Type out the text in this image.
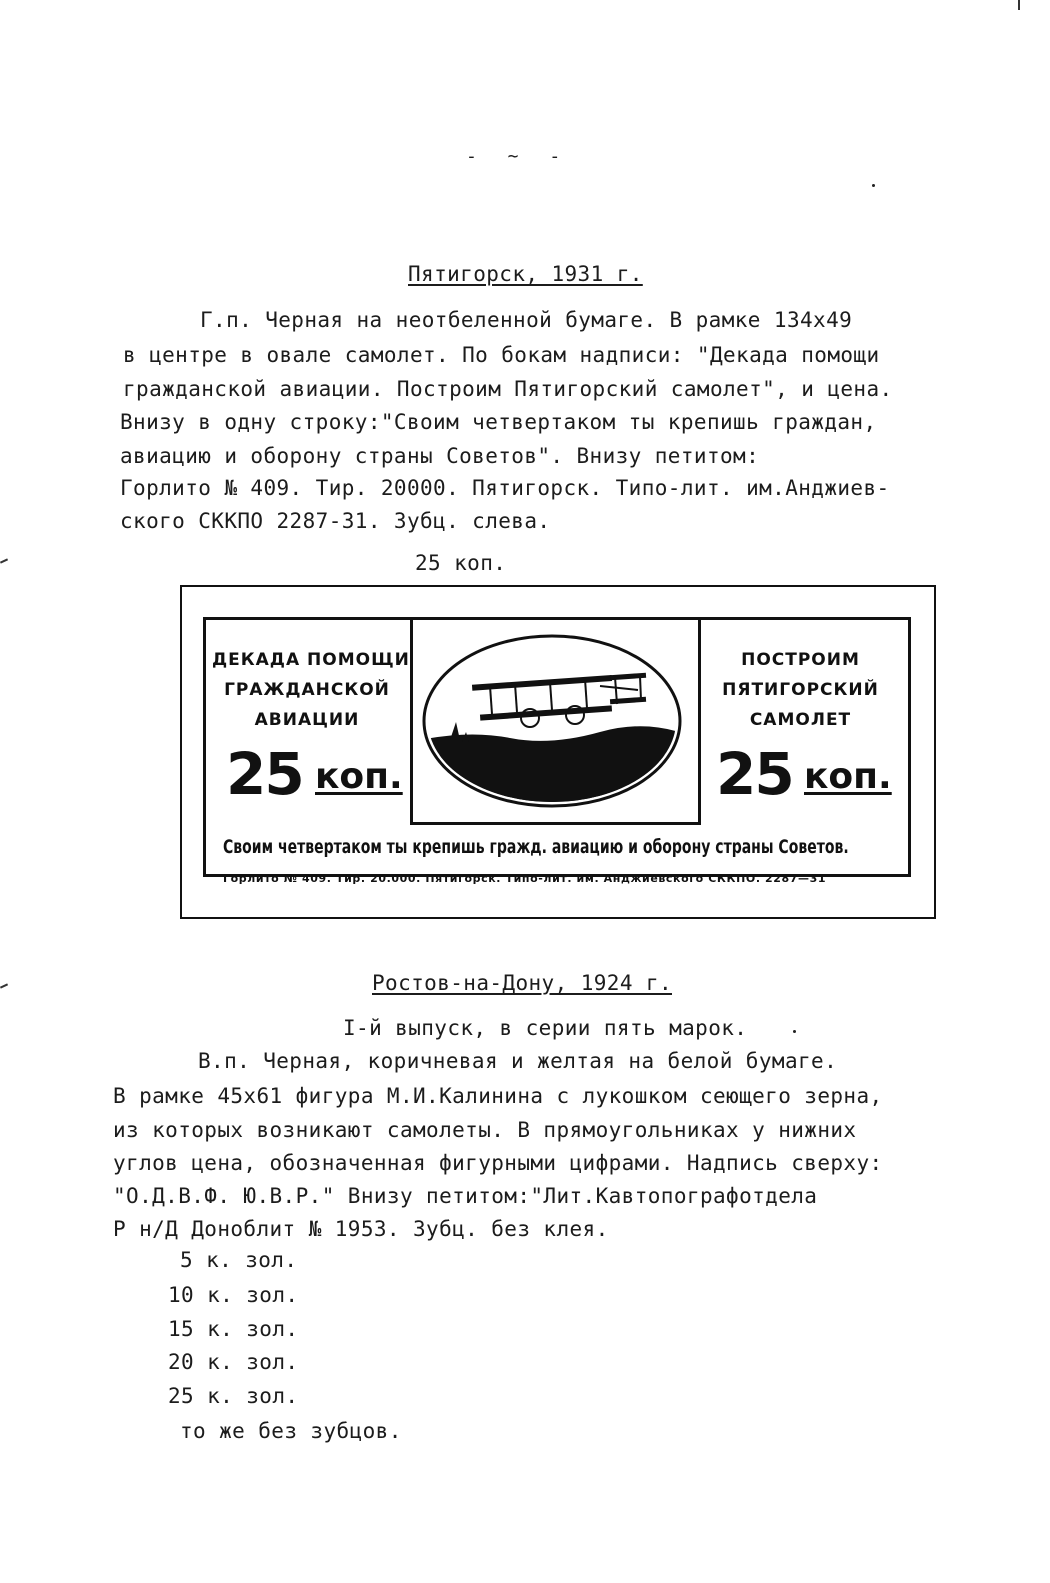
- ~ -
Пятигорск, 1931 г.
Г.п. Черная на неотбеленной бумаге. В рамке 134х49
в центре в овале самолет. По бокам надписи: "Декада помощи
гражданской авиации. Построим Пятигорский самолет", и цена.
Внизу в одну строку:"Своим четвертаком ты крепишь граждан,
авиацию и оборону страны Советов". Внизу петитом:
Горлито № 409. Тир. 20000. Пятигорск. Типо-лит. им.Анджиев-
ского СККПО 2287-31. Зубц. слева.
25 коп.
ДЕКАДА ПОМОЩИ
ГРАЖДАНСКОЙ
АВИАЦИИ
25 коп.
ПОСТРОИМ
ПЯТИГОРСКИЙ
САМОЛЕТ
25 коп.
Своим четвертаком ты крепишь гражд. авиацию и оборону страны Советов.
Горлито № 409. Тир. 20.000. Пятигорск. Типо-лит. им. Анджиевского СККПО. 2287—31
Ростов-на-Дону, 1924 г.
I-й выпуск, в серии пять марок.
В.п. Черная, коричневая и желтая на белой бумаге.
В рамке 45х61 фигура М.И.Калинина с лукошком сеющего зерна,
из которых возникают самолеты. В прямоугольниках у нижних
углов цена, обозначенная фигурными цифрами. Надпись сверху:
"О.Д.В.Ф. Ю.В.Р." Внизу петитом:"Лит.Кавтопографотдела
Р н/Д Доноблит № 1953. Зубц. без клея.
5 к. зол.
10 к. зол.
15 к. зол.
20 к. зол.
25 к. зол.
то же без зубцов.
